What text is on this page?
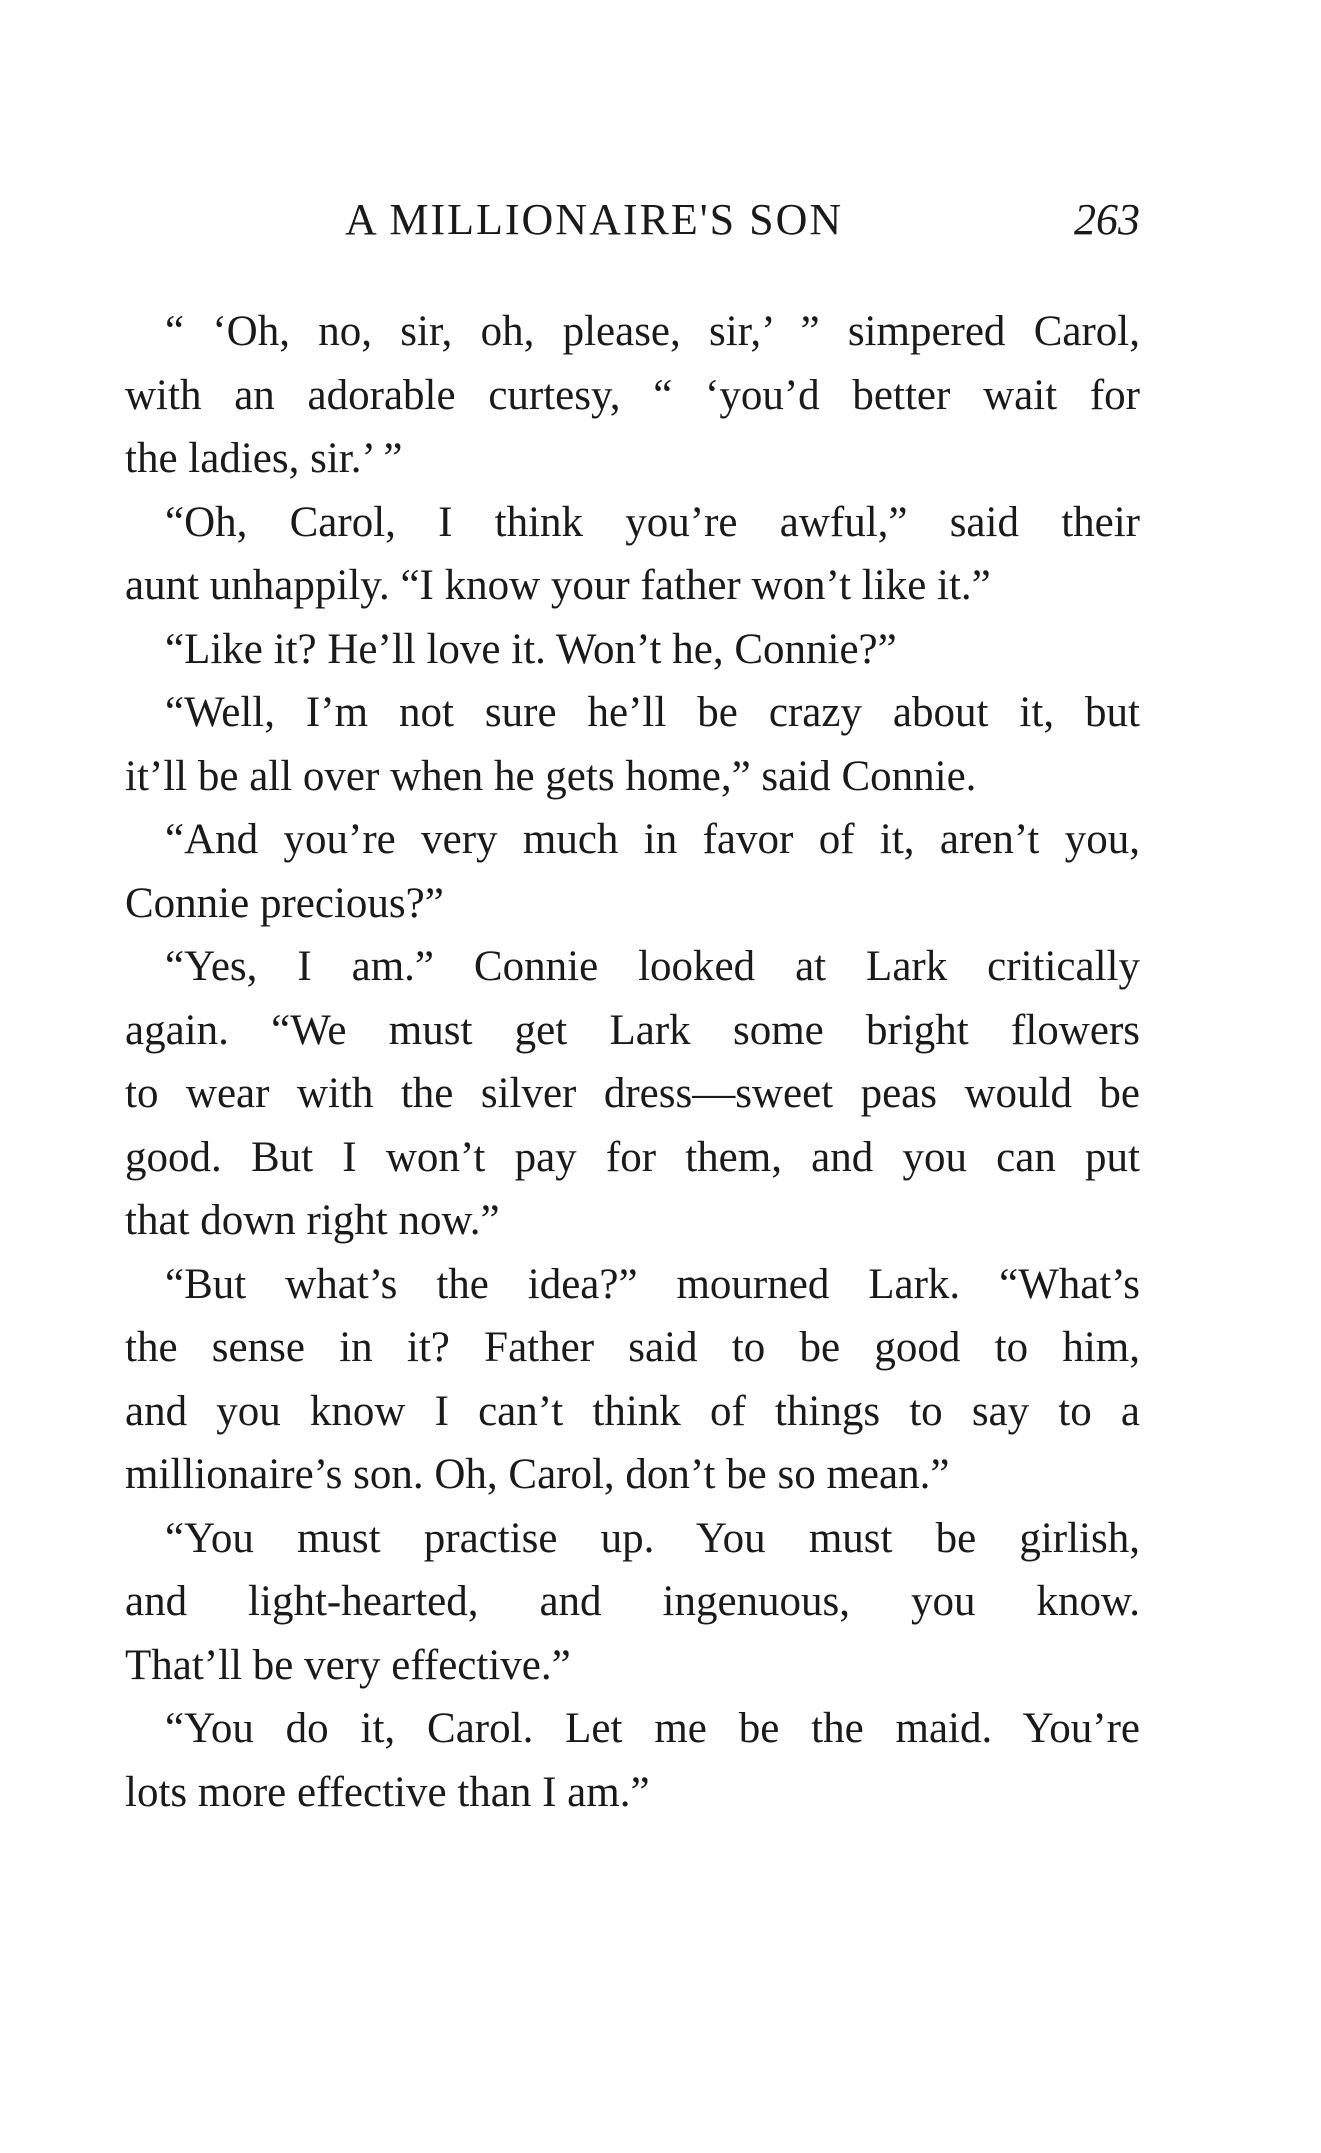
A MILLIONAIRE'S SON	263
“ ‘Oh, no, sir, oh, please, sir,’ ” simpered Carol,
with an adorable curtesy, “ ‘you’d better wait for
the ladies, sir.’ ”
“Oh, Carol, I think you’re awful,” said their
aunt unhappily. “I know your father won’t like it.”
“Like it? He’ll love it. Won’t he, Connie?”
“Well, I’m not sure he’ll be crazy about it, but
it’ll be all over when he gets home,” said Connie.
“And you’re very much in favor of it, aren’t you,
Connie precious?”
“Yes, I am.” Connie looked at Lark critically
again. “We must get Lark some bright flowers
to wear with the silver dress—sweet peas would be
good. But I won’t pay for them, and you can put
that down right now.”
“But what’s the idea?” mourned Lark. “What’s
the sense in it? Father said to be good to him,
and you know I can’t think of things to say to a
millionaire’s son. Oh, Carol, don’t be so mean.”
“You must practise up. You must be girlish,
and light-hearted, and ingenuous, you know.
That’ll be very effective.”
“You do it, Carol. Let me be the maid. You’re
lots more effective than I am.”
